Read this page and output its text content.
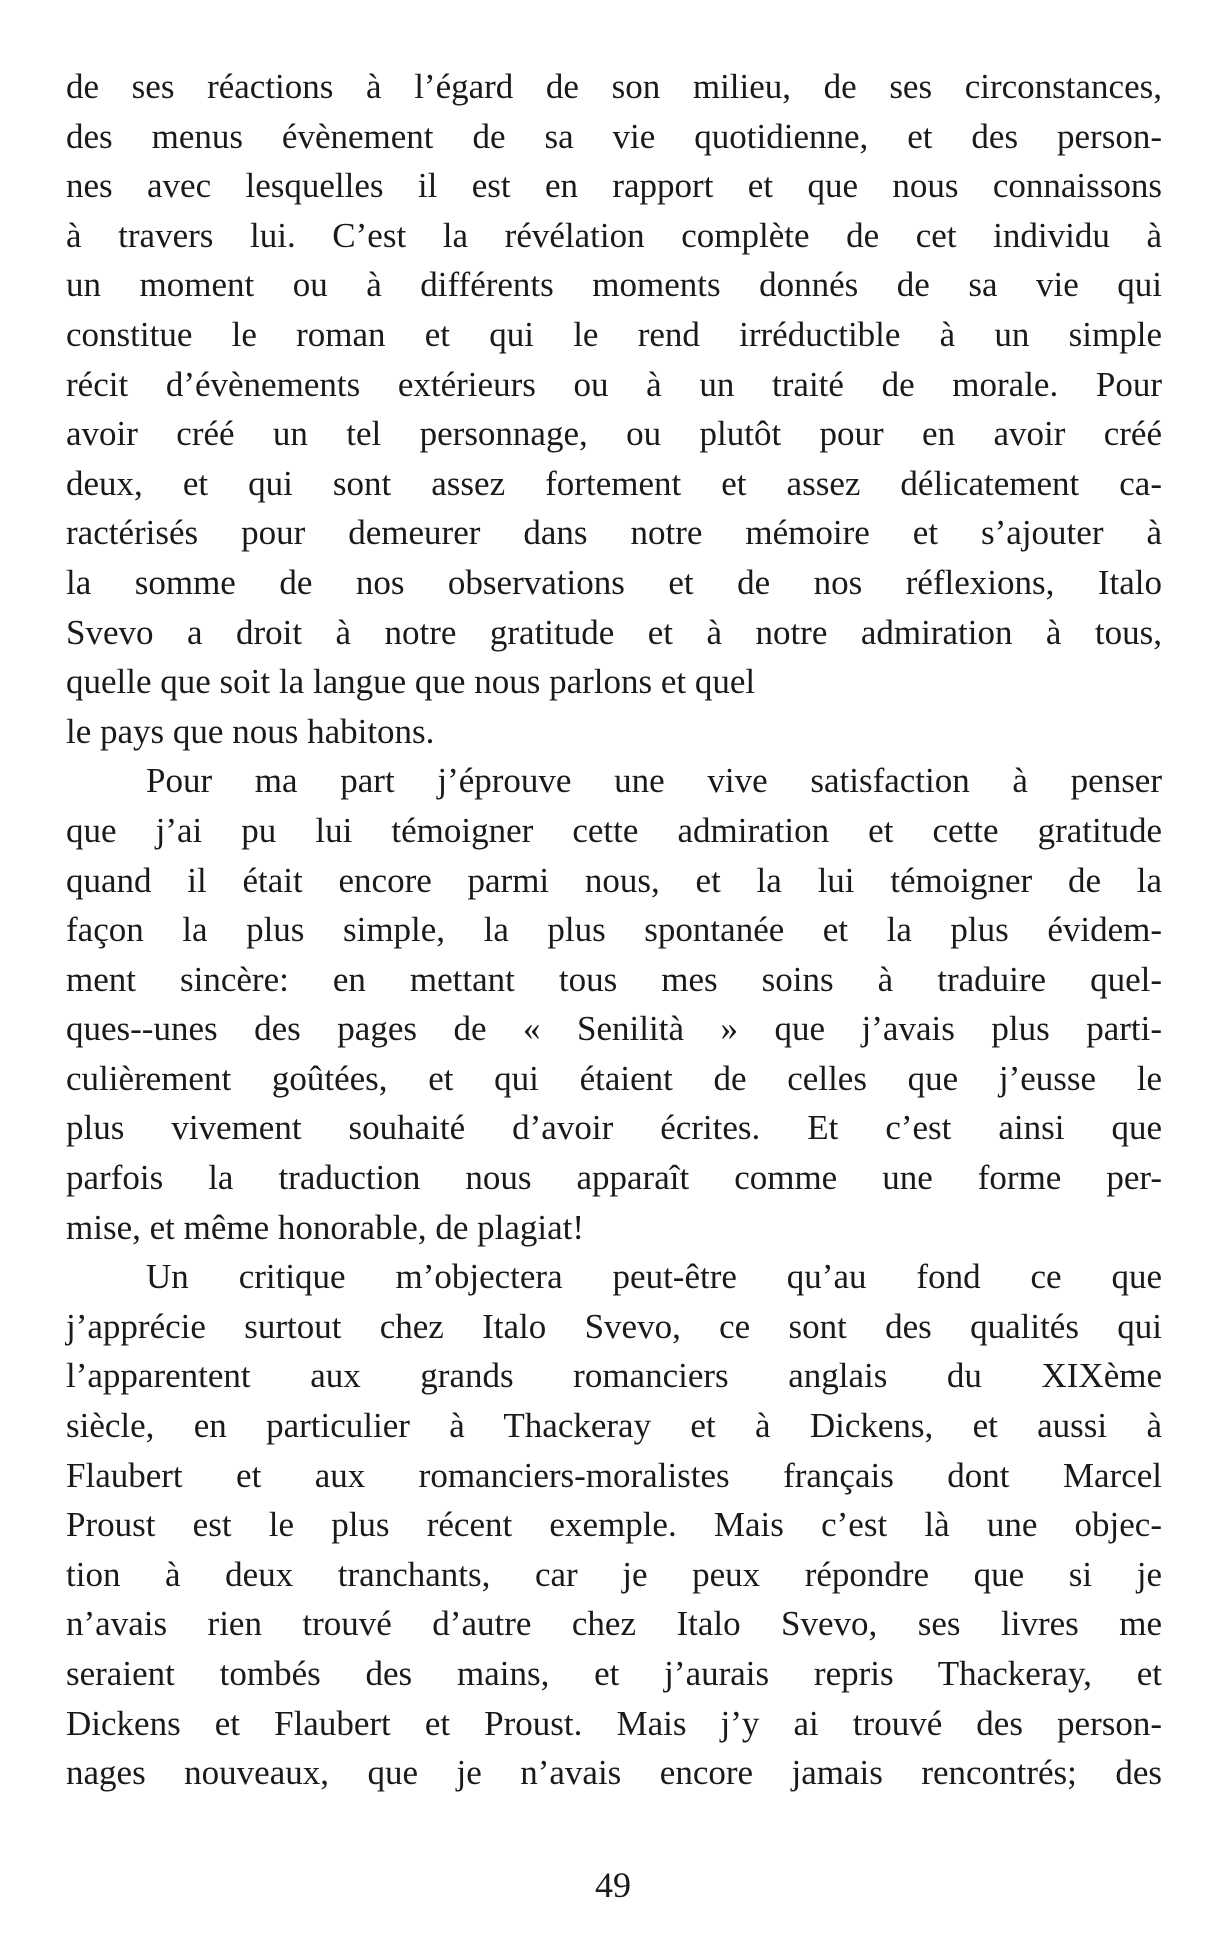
de ses réactions à l’égard de son milieu, de ses circonstances,
des menus évènement de sa vie quotidienne, et des person-
nes avec lesquelles il est en rapport et que nous connaissons
à travers lui. C’est la révélation complète de cet individu à
un moment ou à différents moments donnés de sa vie qui
constitue le roman et qui le rend irréductible à un simple
récit d’évènements extérieurs ou à un traité de morale. Pour
avoir créé un tel personnage, ou plutôt pour en avoir créé
deux, et qui sont assez fortement et assez délicatement ca-
ractérisés pour demeurer dans notre mémoire et s’ajouter à
la somme de nos observations et de nos réflexions, Italo
Svevo a droit à notre gratitude et à notre admiration à tous,
quelle que soit la langue que nous parlons et quel
le pays que nous habitons.
Pour ma part j’éprouve une vive satisfaction à penser
que j’ai pu lui témoigner cette admiration et cette gratitude
quand il était encore parmi nous, et la lui témoigner de la
façon la plus simple, la plus spontanée et la plus évidem-
ment sincère: en mettant tous mes soins à traduire quel-
ques--unes des pages de « Senilità » que j’avais plus parti-
culièrement goûtées, et qui étaient de celles que j’eusse le
plus vivement souhaité d’avoir écrites. Et c’est ainsi que
parfois la traduction nous apparaît comme une forme per-
mise, et même honorable, de plagiat!
Un critique m’objectera peut-être qu’au fond ce que
j’apprécie surtout chez Italo Svevo, ce sont des qualités qui
l’apparentent aux grands romanciers anglais du XIXème
siècle, en particulier à Thackeray et à Dickens, et aussi à
Flaubert et aux romanciers-moralistes français dont Marcel
Proust est le plus récent exemple. Mais c’est là une objec-
tion à deux tranchants, car je peux répondre que si je
n’avais rien trouvé d’autre chez Italo Svevo, ses livres me
seraient tombés des mains, et j’aurais repris Thackeray, et
Dickens et Flaubert et Proust. Mais j’y ai trouvé des person-
nages nouveaux, que je n’avais encore jamais rencontrés; des
49
